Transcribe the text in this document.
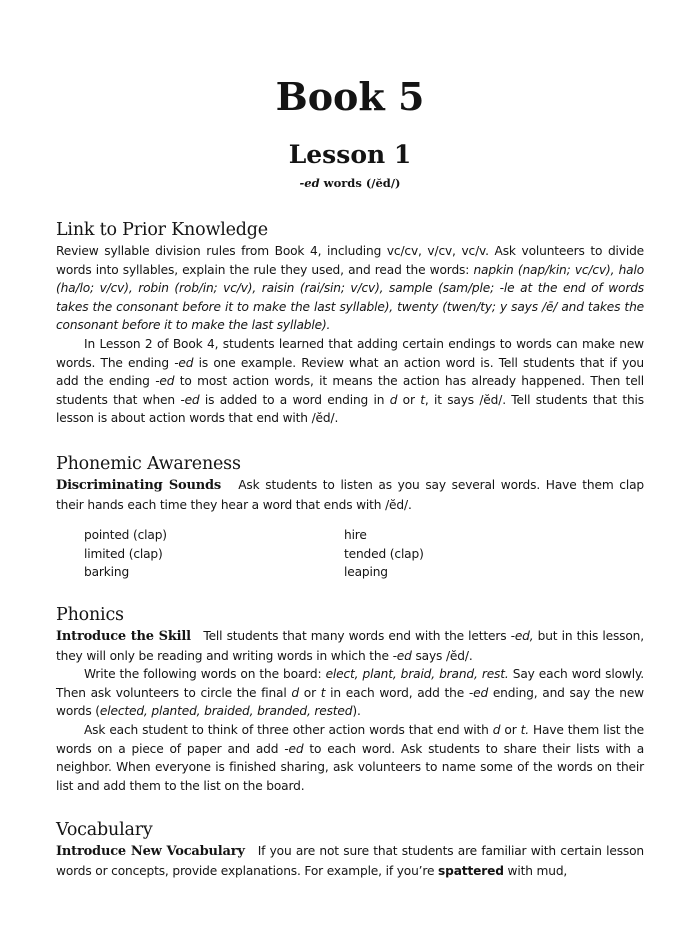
Book 5
Lesson 1
-ed words (/ĕd/)
Link to Prior Knowledge

Review syllable division rules from Book 4, including vc/cv, v/cv, vc/v. Ask volunteers to divide words into syllables, explain the rule they used, and read the words: napkin (nap/kin; vc/cv), halo (ha/lo; v/cv), robin (rob/in; vc/v), raisin (rai/sin; v/cv), sample (sam/ple; -le at the end of words takes the consonant before it to make the last syllable), twenty (twen/ty; y says /ē/ and takes the consonant before it to make the last syllable).

In Lesson 2 of Book 4, students learned that adding certain endings to words can make new words. The ending -ed is one example. Review what an action word is. Tell students that if you add the ending -ed to most action words, it means the action has already happened. Then tell students that when -ed is added to a word ending in d or t, it says /ĕd/. Tell students that this lesson is about action words that end with /ĕd/.

Phonemic Awareness

Discriminating Sounds Ask students to listen as you say several words. Have them clap their hands each time they hear a word that ends with /ĕd/.

pointed (clap)	hire
limited (clap)	tended (clap)
barking	leaping
Phonics

Introduce the Skill Tell students that many words end with the letters -ed, but in this lesson, they will only be reading and writing words in which the -ed says /ĕd/.

Write the following words on the board: elect, plant, braid, brand, rest. Say each word slowly. Then ask volunteers to circle the final d or t in each word, add the -ed ending, and say the new words (elected, planted, braided, branded, rested).

Ask each student to think of three other action words that end with d or t. Have them list the words on a piece of paper and add -ed to each word. Ask students to share their lists with a neighbor. When everyone is finished sharing, ask volunteers to name some of the words on their list and add them to the list on the board.

Vocabulary

Introduce New Vocabulary If you are not sure that students are familiar with certain lesson words or concepts, provide explanations. For example, if you’re spattered with mud,
